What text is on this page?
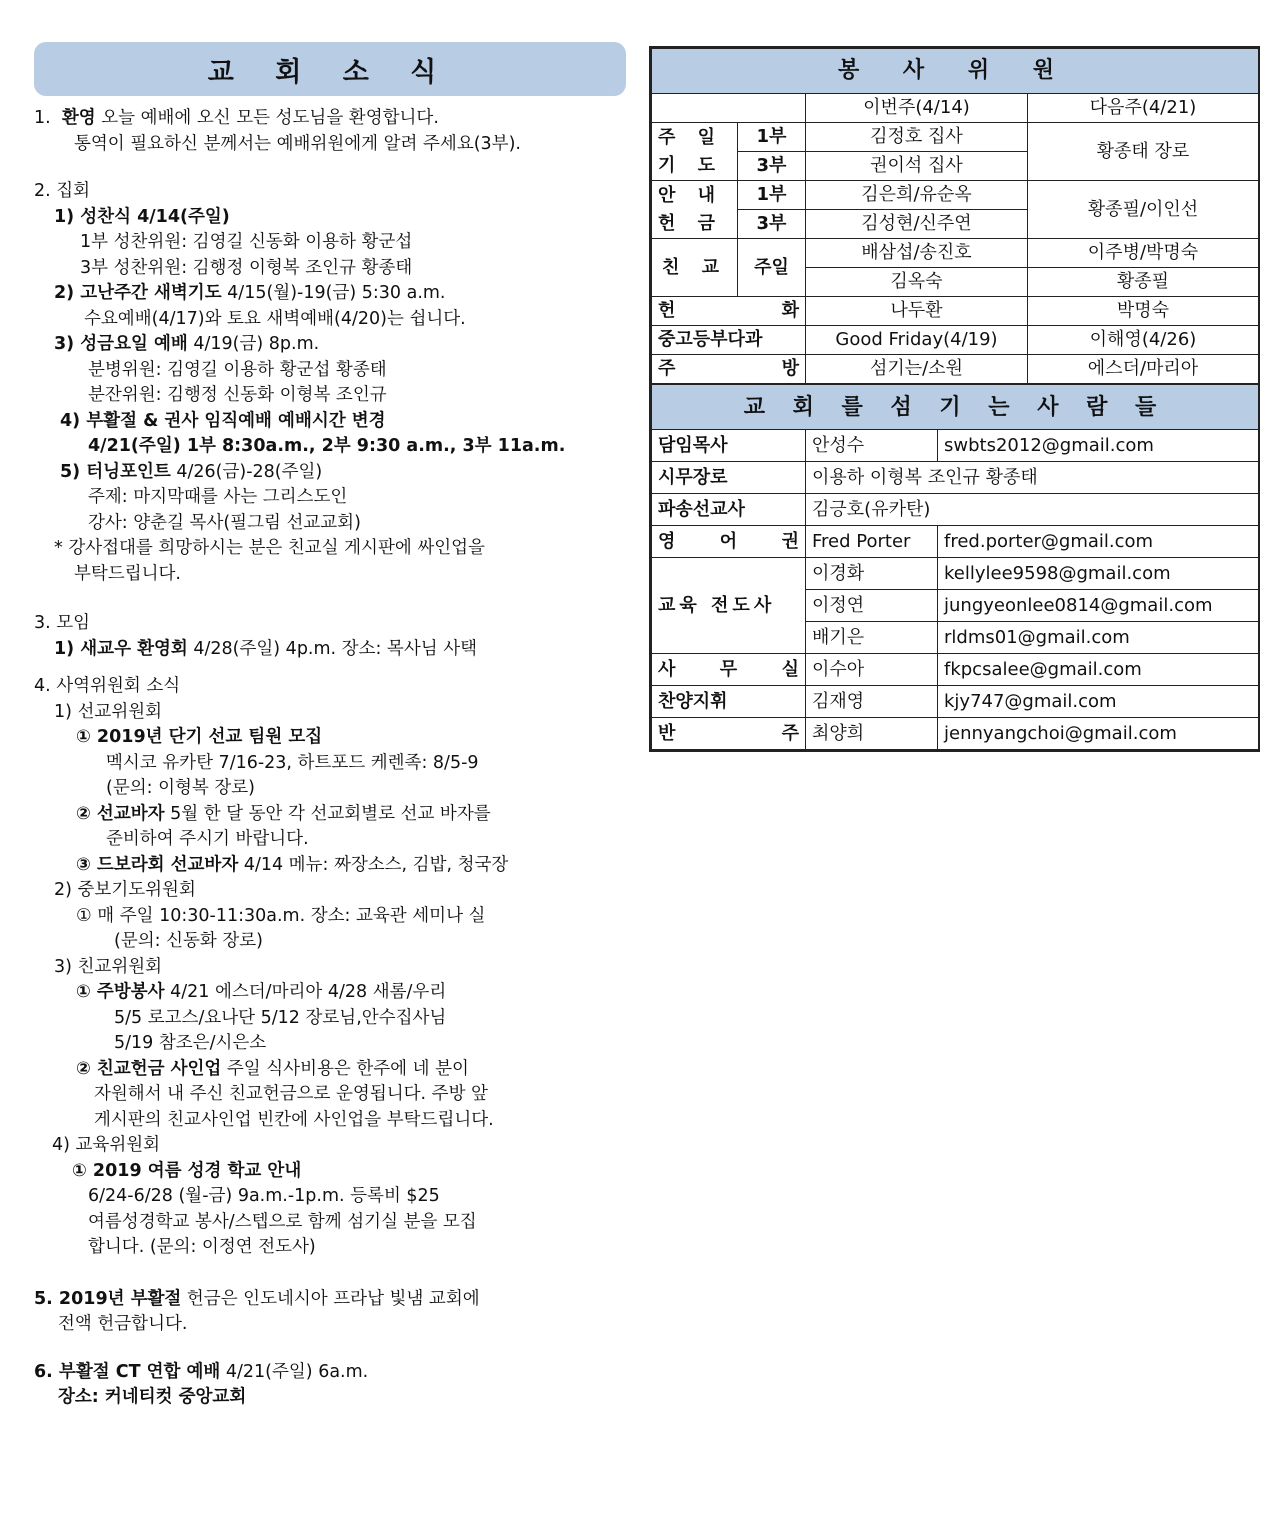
교 회 소 식
1. 환영 오늘 예배에 오신 모든 성도님을 환영합니다.
통역이 필요하신 분께서는 예배위원에게 알려 주세요(3부).
2. 집회
1) 성찬식 4/14(주일)
1부 성찬위원: 김영길 신동화 이용하 황군섭
3부 성찬위원: 김행정 이형복 조인규 황종태
2) 고난주간 새벽기도 4/15(월)-19(금) 5:30 a.m.
수요예배(4/17)와 토요 새벽예배(4/20)는 쉽니다.
3) 성금요일 예배 4/19(금) 8p.m.
분병위원: 김영길 이용하 황군섭 황종태
분잔위원: 김행정 신동화 이형복 조인규
4) 부활절 & 권사 임직예배 예배시간 변경
4/21(주일) 1부 8:30a.m., 2부 9:30 a.m., 3부 11a.m.
5) 터닝포인트 4/26(금)-28(주일)
주제: 마지막때를 사는 그리스도인
강사: 양춘길 목사(필그림 선교교회)
* 강사접대를 희망하시는 분은 친교실 게시판에 싸인업을
부탁드립니다.
3. 모임
1) 새교우 환영회 4/28(주일) 4p.m. 장소: 목사님 사택
4. 사역위원회 소식
1) 선교위원회
① 2019년 단기 선교 팀원 모집
멕시코 유카탄 7/16-23, 하트포드 케렌족: 8/5-9
(문의: 이형복 장로)
② 선교바자 5월 한 달 동안 각 선교회별로 선교 바자를
준비하여 주시기 바랍니다.
③ 드보라회 선교바자 4/14 메뉴: 짜장소스, 김밥, 청국장
2) 중보기도위원회
① 매 주일 10:30-11:30a.m. 장소: 교육관 세미나 실
(문의: 신동화 장로)
3) 친교위원회
① 주방봉사 4/21 에스더/마리아 4/28 새롬/우리
5/5 로고스/요나단 5/12 장로님,안수집사님
5/19 참조은/시은소
② 친교헌금 사인업 주일 식사비용은 한주에 네 분이
자원해서 내 주신 친교헌금으로 운영됩니다. 주방 앞
게시판의 친교사인업 빈칸에 사인업을 부탁드립니다.
4) 교육위원회
① 2019 여름 성경 학교 안내
6/24-6/28 (월-금) 9a.m.-1p.m. 등록비 $25
여름성경학교 봉사/스텝으로 함께 섬기실 분을 모집
합니다. (문의: 이정연 전도사)
5. 2019년 부활절 헌금은 인도네시아 프라납 빛냄 교회에
전액 헌금합니다.
6. 부활절 CT 연합 예배 4/21(주일) 6a.m.
장소: 커네티컷 중앙교회
봉 사 위 원			
		이번주(4/14)	다음주(4/21)

주 일
기 도	1부	김정호 집사	황종태 장로
	3부	권이석 집사	

안 내
헌 금	1부	김은희/유순옥	황종필/이인선
	3부	김성현/신주연	
친 교	주일	배삼섭/송진호	이주병/박명숙
		김옥숙	황종필
헌 화		나두환	박명숙
중고등부다과		Good Friday(4/19)	이해영(4/26)
주 방		섬기는/소원	에스더/마리아
교 회 를 섬 기 는 사 람 들		
담임목사	안성수	swbts2012@gmail.com
시무장로	이용하 이형복 조인규 황종태	
파송선교사	김긍호(유카탄)	
영 어 권	Fred Porter	fred.porter@gmail.com
교육 전도사	이경화	kellylee9598@gmail.com
	이정연	jungyeonlee0814@gmail.com
	배기은	rldms01@gmail.com
사 무 실	이수아	fkpcsalee@gmail.com
찬양지휘	김재영	kjy747@gmail.com
반 주	최양희	jennyangchoi@gmail.com
